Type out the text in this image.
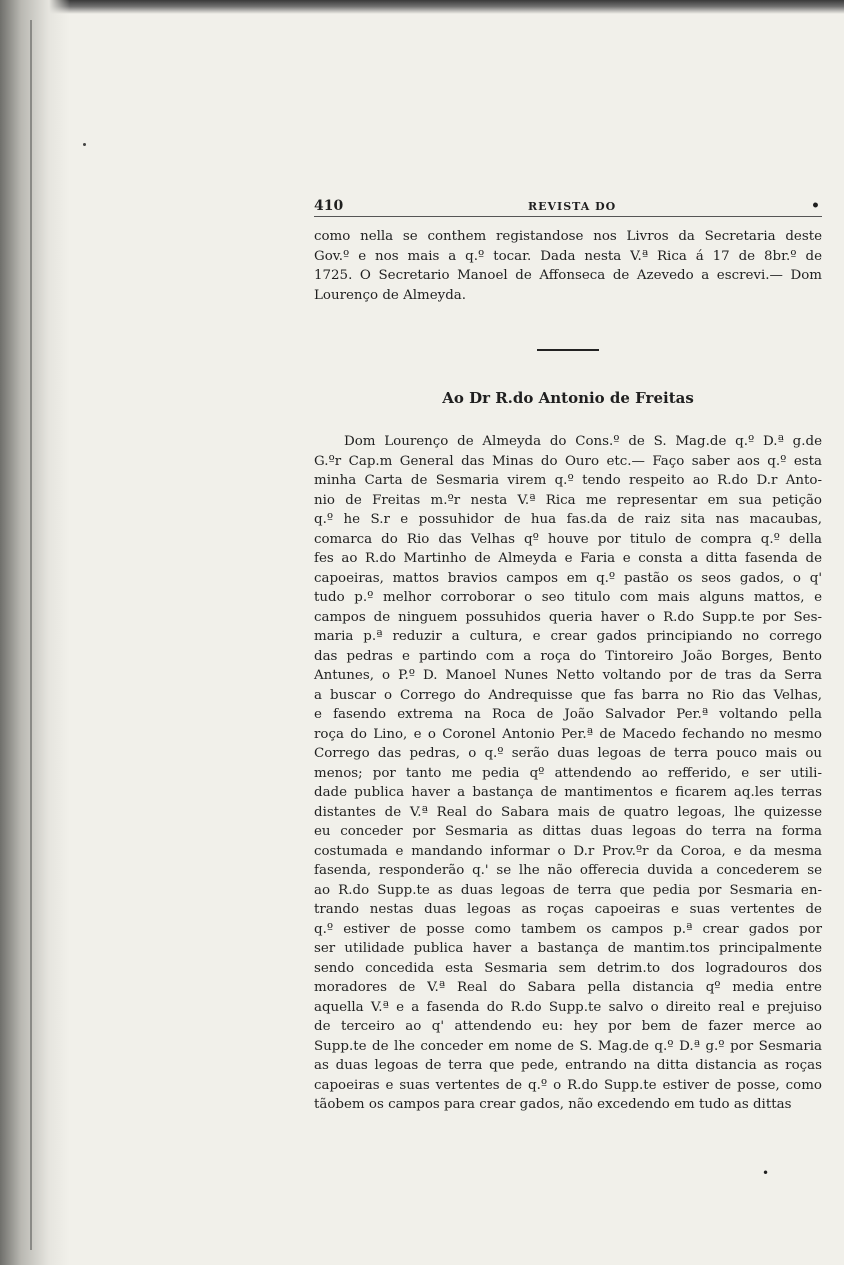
410	REVISTA DO	•

como nella se conthem registandose nos Livros da Secretaria deste
Gov.º e nos mais a q.º tocar. Dada nesta V.ª Rica á 17 de 8br.º de
1725. O Secretario Manoel de Affonseca de Azevedo a escrevi.— Dom
Lourenço de Almeyda.

Ao Dr R.do Antonio de Freitas

Dom Lourenço de Almeyda do Cons.º de S. Mag.de q.º D.ª g.de
G.ºr Cap.m General das Minas do Ouro etc.— Faço saber aos q.º esta
minha Carta de Sesmaria virem q.º tendo respeito ao R.do D.r Anto-
nio de Freitas m.ºr nesta V.ª Rica me representar em sua petição
q.º he S.r e possuhidor de hua fas.da de raiz sita nas macaubas,
comarca do Rio das Velhas qº houve por titulo de compra q.º della
fes ao R.do Martinho de Almeyda e Faria e consta a ditta fasenda de
capoeiras, mattos bravios campos em q.º pastão os seos gados, o q'
tudo p.º melhor corroborar o seo titulo com mais alguns mattos, e
campos de ninguem possuhidos queria haver o R.do Supp.te por Ses-
maria p.ª reduzir a cultura, e crear gados principiando no corrego
das pedras e partindo com a roça do Tintoreiro João Borges, Bento
Antunes, o P.º D. Manoel Nunes Netto voltando por de tras da Serra
a buscar o Corrego do Andrequisse que fas barra no Rio das Velhas,
e fasendo extrema na Roca de João Salvador Per.ª voltando pella
roça do Lino, e o Coronel Antonio Per.ª de Macedo fechando no mesmo
Corrego das pedras, o q.º serão duas legoas de terra pouco mais ou
menos; por tanto me pedia qº attendendo ao refferido, e ser utili-
dade publica haver a bastança de mantimentos e ficarem aq.les terras
distantes de V.ª Real do Sabara mais de quatro legoas, lhe quizesse
eu conceder por Sesmaria as dittas duas legoas do terra na forma
costumada e mandando informar o D.r Prov.ºr da Coroa, e da mesma
fasenda, responderão q.' se lhe não offerecia duvida a concederem se
ao R.do Supp.te as duas legoas de terra que pedia por Sesmaria en-
trando nestas duas legoas as roças capoeiras e suas vertentes de
q.º estiver de posse como tambem os campos p.ª crear gados por
ser utilidade publica haver a bastança de mantim.tos principalmente
sendo concedida esta Sesmaria sem detrim.to dos logradouros dos
moradores de V.ª Real do Sabara pella distancia qº media entre
aquella V.ª e a fasenda do R.do Supp.te salvo o direito real e prejuiso
de terceiro ao q' attendendo eu: hey por bem de fazer merce ao
Supp.te de lhe conceder em nome de S. Mag.de q.º D.ª g.º por Sesmaria
as duas legoas de terra que pede, entrando na ditta distancia as roças
capoeiras e suas vertentes de q.º o R.do Supp.te estiver de posse, como
tãobem os campos para crear gados, não excedendo em tudo as dittas

•
